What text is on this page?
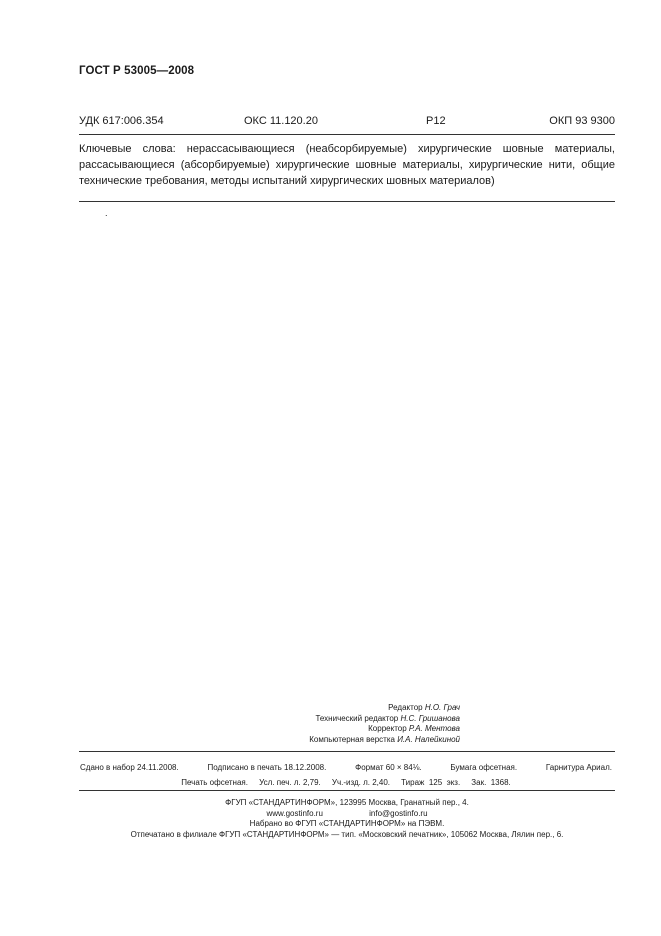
ГОСТ Р 53005—2008
УДК 617:006.354	ОКС 11.120.20	Р12	ОКП 93 9300
Ключевые слова: нерассасывающиеся (неабсорбируемые) хирургические шовные материалы, рассасывающиеся (абсорбируемые) хирургические шовные материалы, хирургические нити, общие технические требования, методы испытаний хирургических шовных материалов)
.
Редактор Н.О. Грач
Технический редактор Н.С. Гришанова
Корректор Р.А. Ментова
Компьютерная верстка И.А. Налейкиной
Сдано в набор 24.11.2008.	Подписано в печать 18.12.2008.	Формат 60 × 84⅛.	Бумага офсетная.	Гарнитура Ариал.
Печать офсетная.     Усл. печ. л. 2,79.     Уч.-изд. л. 2,40.     Тираж  125  экз.     Зак.  1368.
ФГУП «СТАНДАРТИНФОРМ», 123995 Москва, Гранатный пер., 4.
www.gostinfo.ru	info@gostinfo.ru
Набрано во ФГУП «СТАНДАРТИНФОРМ» на ПЭВМ.
Отпечатано в филиале ФГУП «СТАНДАРТИНФОРМ» — тип. «Московский печатник», 105062 Москва, Лялин пер., 6.
